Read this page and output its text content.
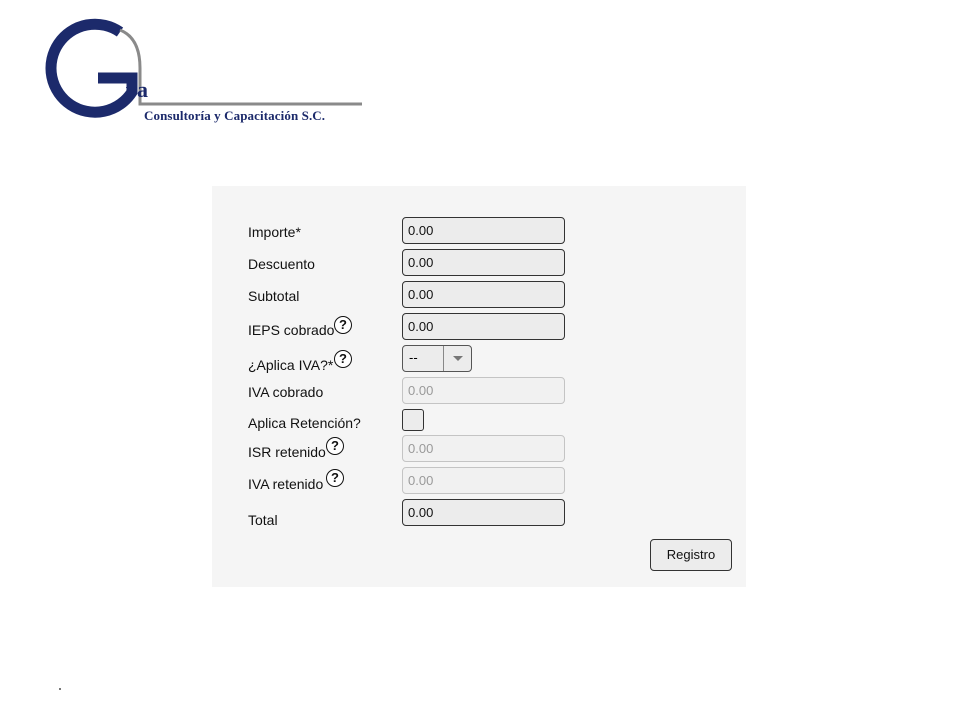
va
Consultoría y Capacitación S.C.
Importe*
0.00
Descuento
0.00
Subtotal
0.00
IEPS cobrado ?
0.00
¿Aplica IVA?* ?	--
IVA cobrado
0.00
Aplica Retención?
ISR retenido ?
0.00
IVA retenido ?
0.00
Total
0.00
Registro
